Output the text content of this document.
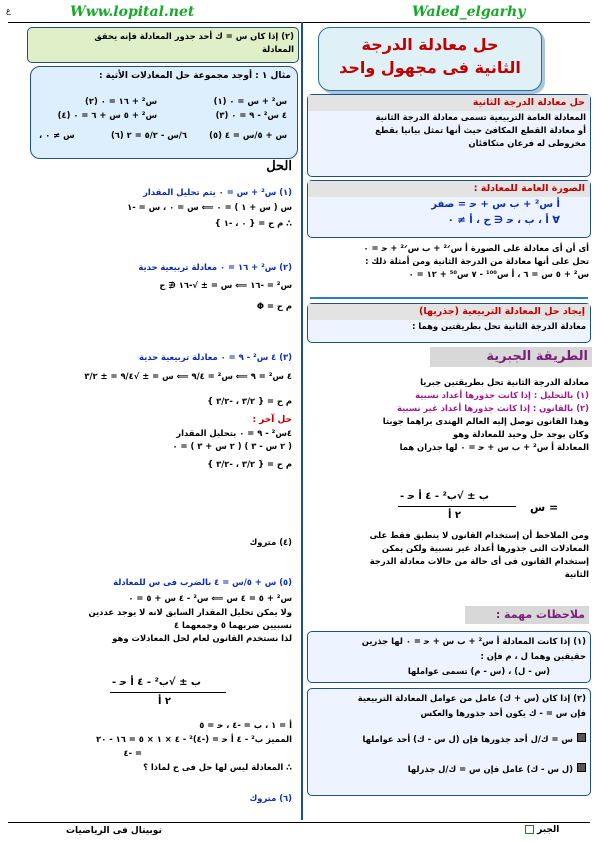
Www.lopital.net	Waled_elgarhy
ع
حل معادلة الدرجة
الثانية فى مجهول واحد
حل معادلة الدرجة الثانية
المعادلة العامة التربيعية تسمى معادلة الدرجة الثانية
أو معادلة القطع المكافئ حيث أنها تمثل بيانيا بقطع
مخروطى له فرعان متكافئان
الصورة العامة للمعادلة :
أ س² + ب س + ﺣ = صفر
∀ أ ، ب ، ﺣ ∈ ح ، أ ≠ ٠
أى أن أى معادلة على الصورة أ س²ᐟ + ب س²ᐟ + ﺣ = ٠
تحل على أنها معادلة من الدرجة الثانية ومن أمثلة ذلك :
س² + ٥ س = ٦ ، أ س¹⁰⁰ - ٧ س⁵⁰ + ١٢ = ٠
إيجاد حل المعادلة التربيعية (جذريها)
معادلة الدرجة الثانية تحل بطريقتين وهما :
الطريقة الجبرية
معادلة الدرجة الثانية تحل بطريقتين جبريا
(١) بالتحليل : إذا كانت جذورها أعداد نسبية
(٢) بالقانون : إذا كانت جذورها أعداد غير نسبية
وهذا القانون توصل إليه العالم الهندى براهما جوبتا
وكان يوجد حل وحيد للمعادلة وهو
المعادلة أ س² + ب س + ﺣ = ٠ لها جذران هما
س =
- ب ± √ب² - ٤ أ ﺣ
٢ أ
ومن الملاحظ أن إستخدام القانون لا ينطبق فقط على
المعادلات التى جذورها أعداد غير نسبية ولكن يمكن
إستخدام القانون فى أى حالة من حالات معادلة الدرجة
الثانية
ملاحظات مهمة :
(١) إذا كانت المعادلة أ س² + ب س + ﺣ = ٠ لها جذرين
حقيقين وهما ﻝ ، م فإن :
(س - ﻝ) ، (س - م) تسمى عواملها
(٢) إذا كان (س + ك) عامل من عوامل المعادلة التربيعية
فإن س = - ك يكون أحد جذورها والعكس
س = ك/ﻝ أحد جذورها فإن (ﻝ س - ك) أحد عواملها
(ﻝ س - ك) عامل فإن س = ك/ﻝ جذرلها
(٢) إذا كان س = ك أحد جذور المعادلة فإنه يحقق
المعادلة
مثال ١ : أوجد مجموعة حل المعادلات الأتية :
(١) س² + س = ٠
(٢) س² + ١٦ = ٠
(٣) ٤ س² - ٩ = ٠
(٤) س² + ٥ س + ٦ = ٠
(٥) س + ٥/س = ٤
(٦) ٦/س - ٥/٢ = ٢
، س ≠ ٠
الحل
(١) س² + س = ٠ يتم تحليل المقدار
س ( س + ١ ) = ٠ ⟸ س = ٠ ، س = -١
∴ م ح = { ٠ ، -١ }
(٢) س² + ١٦ = ٠ معادلة تربيعية حدية
س² = -١٦ ⟸ س = ± √-١٦ ∉ ح
م ح = Φ
(٣) ٤ س² - ٩ = ٠ معادلة تربيعية حدية
٤ س² = ٩ ⟸ س² = ٩/٤ ⟸ س = ± √٩/٤ = ± ٣/٢
م ح = { ٣/٢ ، -٣/٢ }
حل آخر :
٤س² - ٩ = ٠ بتحليل المقدار
( ٢ س - ٣ ) ( ٢ س + ٣ ) = ٠
م ح = { ٣/٢ ، -٣/٢ }
(٤) متروك
(٥) س + ٥/س = ٤ بالضرب فى س للمعادلة
س² + ٥ = ٤ س ⟸ س² - ٤ س + ٥ = ٠
ولا يمكن تحليل المقدار السابق لانه لا يوجد عددين
نسبيين ضربهما ٥ وجمعهما ٤
لذا نستخدم القانون لعام لحل المعادلات وهو
- ب ± √ب² - ٤ أ ﺣ
٢ أ
أ = ١ ، ب = -٤ ، ﺣ = ٥
المميز ب² - ٤ أ ﺣ = (-٤)² - ٤ × ١ × ٥ = ١٦ - ٢٠
= -٤
∴ المعادلة ليس لها حل فى ح لماذا ؟
(٦) متروك
نوبيتال فى الرياضيات	الجبر
